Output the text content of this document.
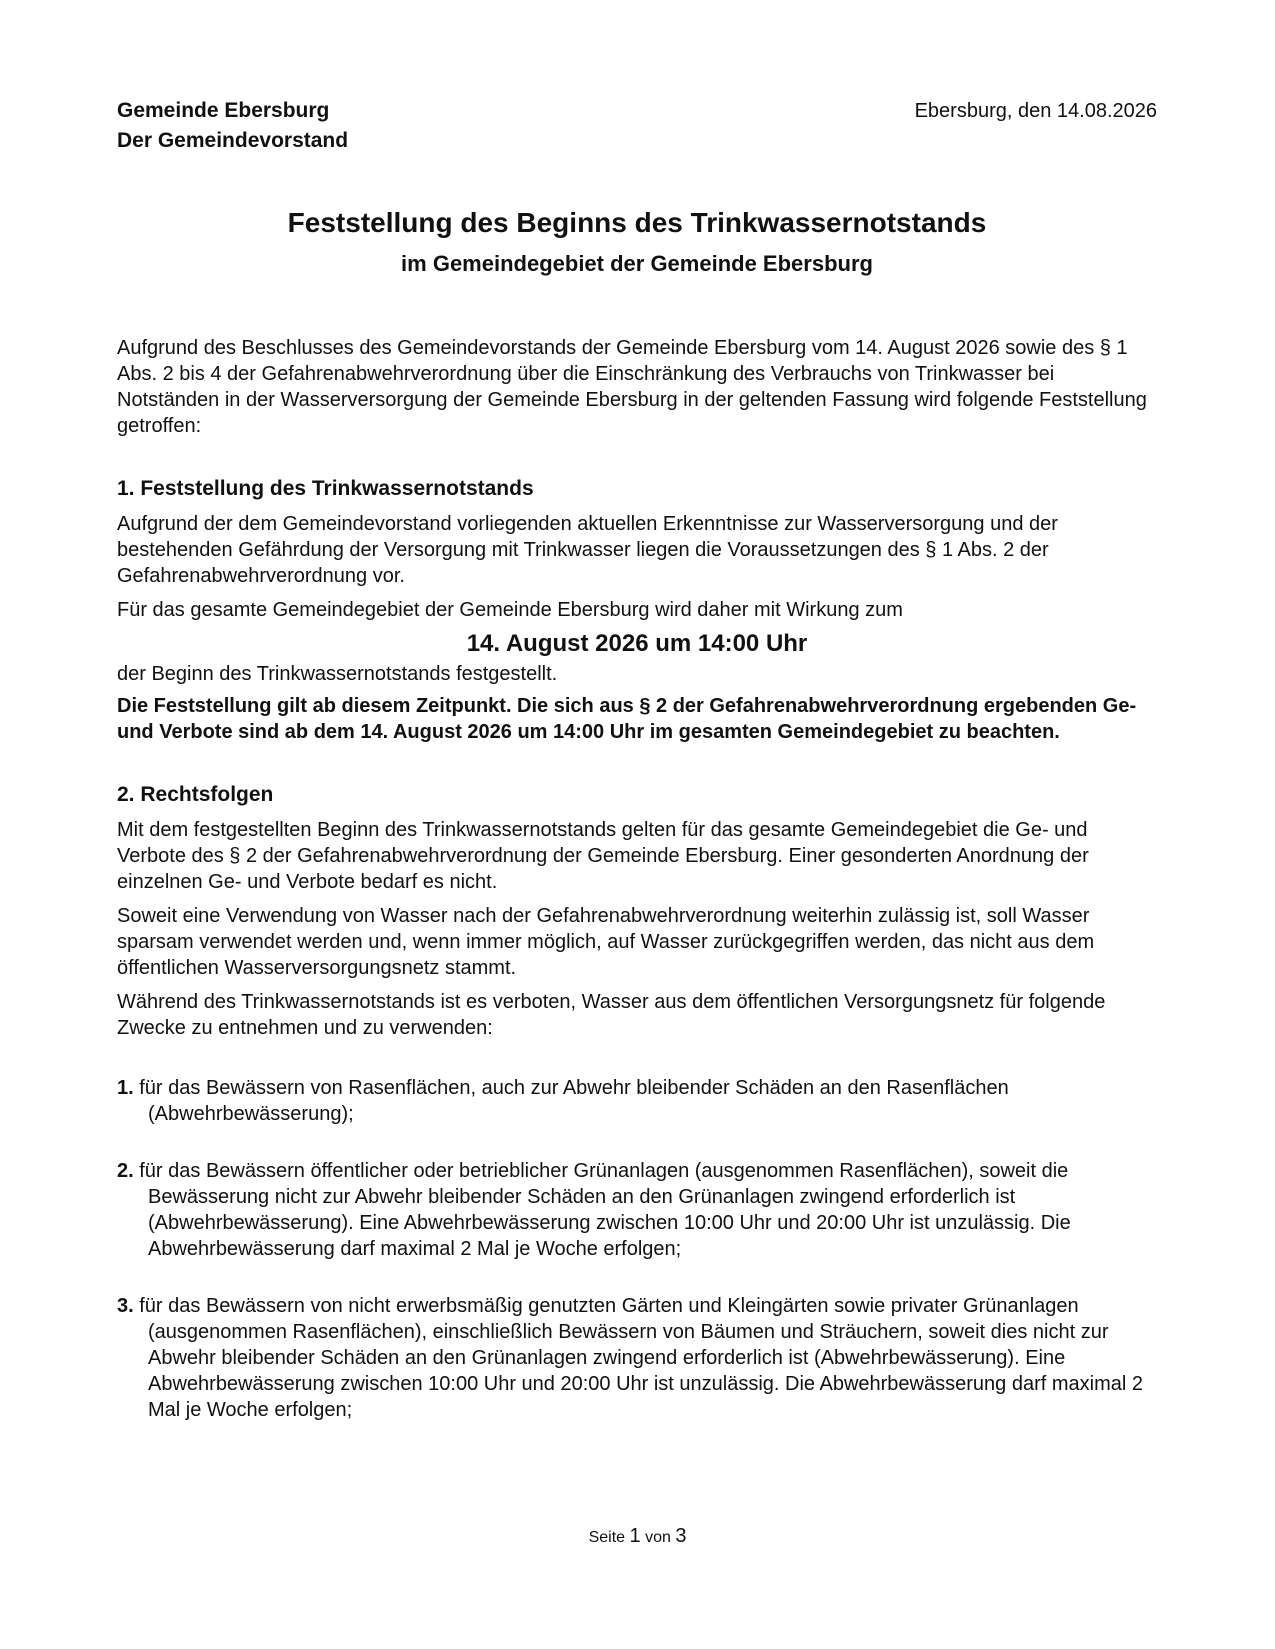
Gemeinde Ebersburg
Der Gemeindevorstand
Ebersburg, den 14.08.2026
Feststellung des Beginns des Trinkwassernotstands
im Gemeindegebiet der Gemeinde Ebersburg

Aufgrund des Beschlusses des Gemeindevorstands der Gemeinde Ebersburg vom 14. August 2026 sowie des § 1 Abs. 2 bis 4 der Gefahrenabwehrverordnung über die Einschränkung des Verbrauchs von Trinkwasser bei Notständen in der Wasserversorgung der Gemeinde Ebersburg in der geltenden Fassung wird folgende Feststellung getroffen:

1. Feststellung des Trinkwassernotstands

Aufgrund der dem Gemeindevorstand vorliegenden aktuellen Erkenntnisse zur Wasserversorgung und der bestehenden Gefährdung der Versorgung mit Trinkwasser liegen die Voraussetzungen des § 1 Abs. 2 der Gefahrenabwehrverordnung vor.

Für das gesamte Gemeindegebiet der Gemeinde Ebersburg wird daher mit Wirkung zum

14. August 2026 um 14:00 Uhr

der Beginn des Trinkwassernotstands festgestellt.

Die Feststellung gilt ab diesem Zeitpunkt. Die sich aus § 2 der Gefahrenabwehrverordnung ergebenden Ge- und Verbote sind ab dem 14. August 2026 um 14:00 Uhr im gesamten Gemeindegebiet zu beachten.

2. Rechtsfolgen

Mit dem festgestellten Beginn des Trinkwassernotstands gelten für das gesamte Gemeindegebiet die Ge- und Verbote des § 2 der Gefahrenabwehrverordnung der Gemeinde Ebersburg. Einer gesonderten Anordnung der einzelnen Ge- und Verbote bedarf es nicht.

Soweit eine Verwendung von Wasser nach der Gefahrenabwehrverordnung weiterhin zulässig ist, soll Wasser sparsam verwendet werden und, wenn immer möglich, auf Wasser zurückgegriffen werden, das nicht aus dem öffentlichen Wasserversorgungsnetz stammt.

Während des Trinkwassernotstands ist es verboten, Wasser aus dem öffentlichen Versorgungsnetz für folgende Zwecke zu entnehmen und zu verwenden:

1. für das Bewässern von Rasenflächen, auch zur Abwehr bleibender Schäden an den Rasenflächen (Abwehrbewässerung);
2. für das Bewässern öffentlicher oder betrieblicher Grünanlagen (ausgenommen Rasenflächen), soweit die Bewässerung nicht zur Abwehr bleibender Schäden an den Grünanlagen zwingend erforderlich ist (Abwehrbewässerung). Eine Abwehrbewässerung zwischen 10:00 Uhr und 20:00 Uhr ist unzulässig. Die Abwehrbewässerung darf maximal 2 Mal je Woche erfolgen;
3. für das Bewässern von nicht erwerbsmäßig genutzten Gärten und Kleingärten sowie privater Grünanlagen (ausgenommen Rasenflächen), einschließlich Bewässern von Bäumen und Sträuchern, soweit dies nicht zur Abwehr bleibender Schäden an den Grünanlagen zwingend erforderlich ist (Abwehrbewässerung). Eine Abwehrbewässerung zwischen 10:00 Uhr und 20:00 Uhr ist unzulässig. Die Abwehrbewässerung darf maximal 2 Mal je Woche erfolgen;
Seite 1 von 3
